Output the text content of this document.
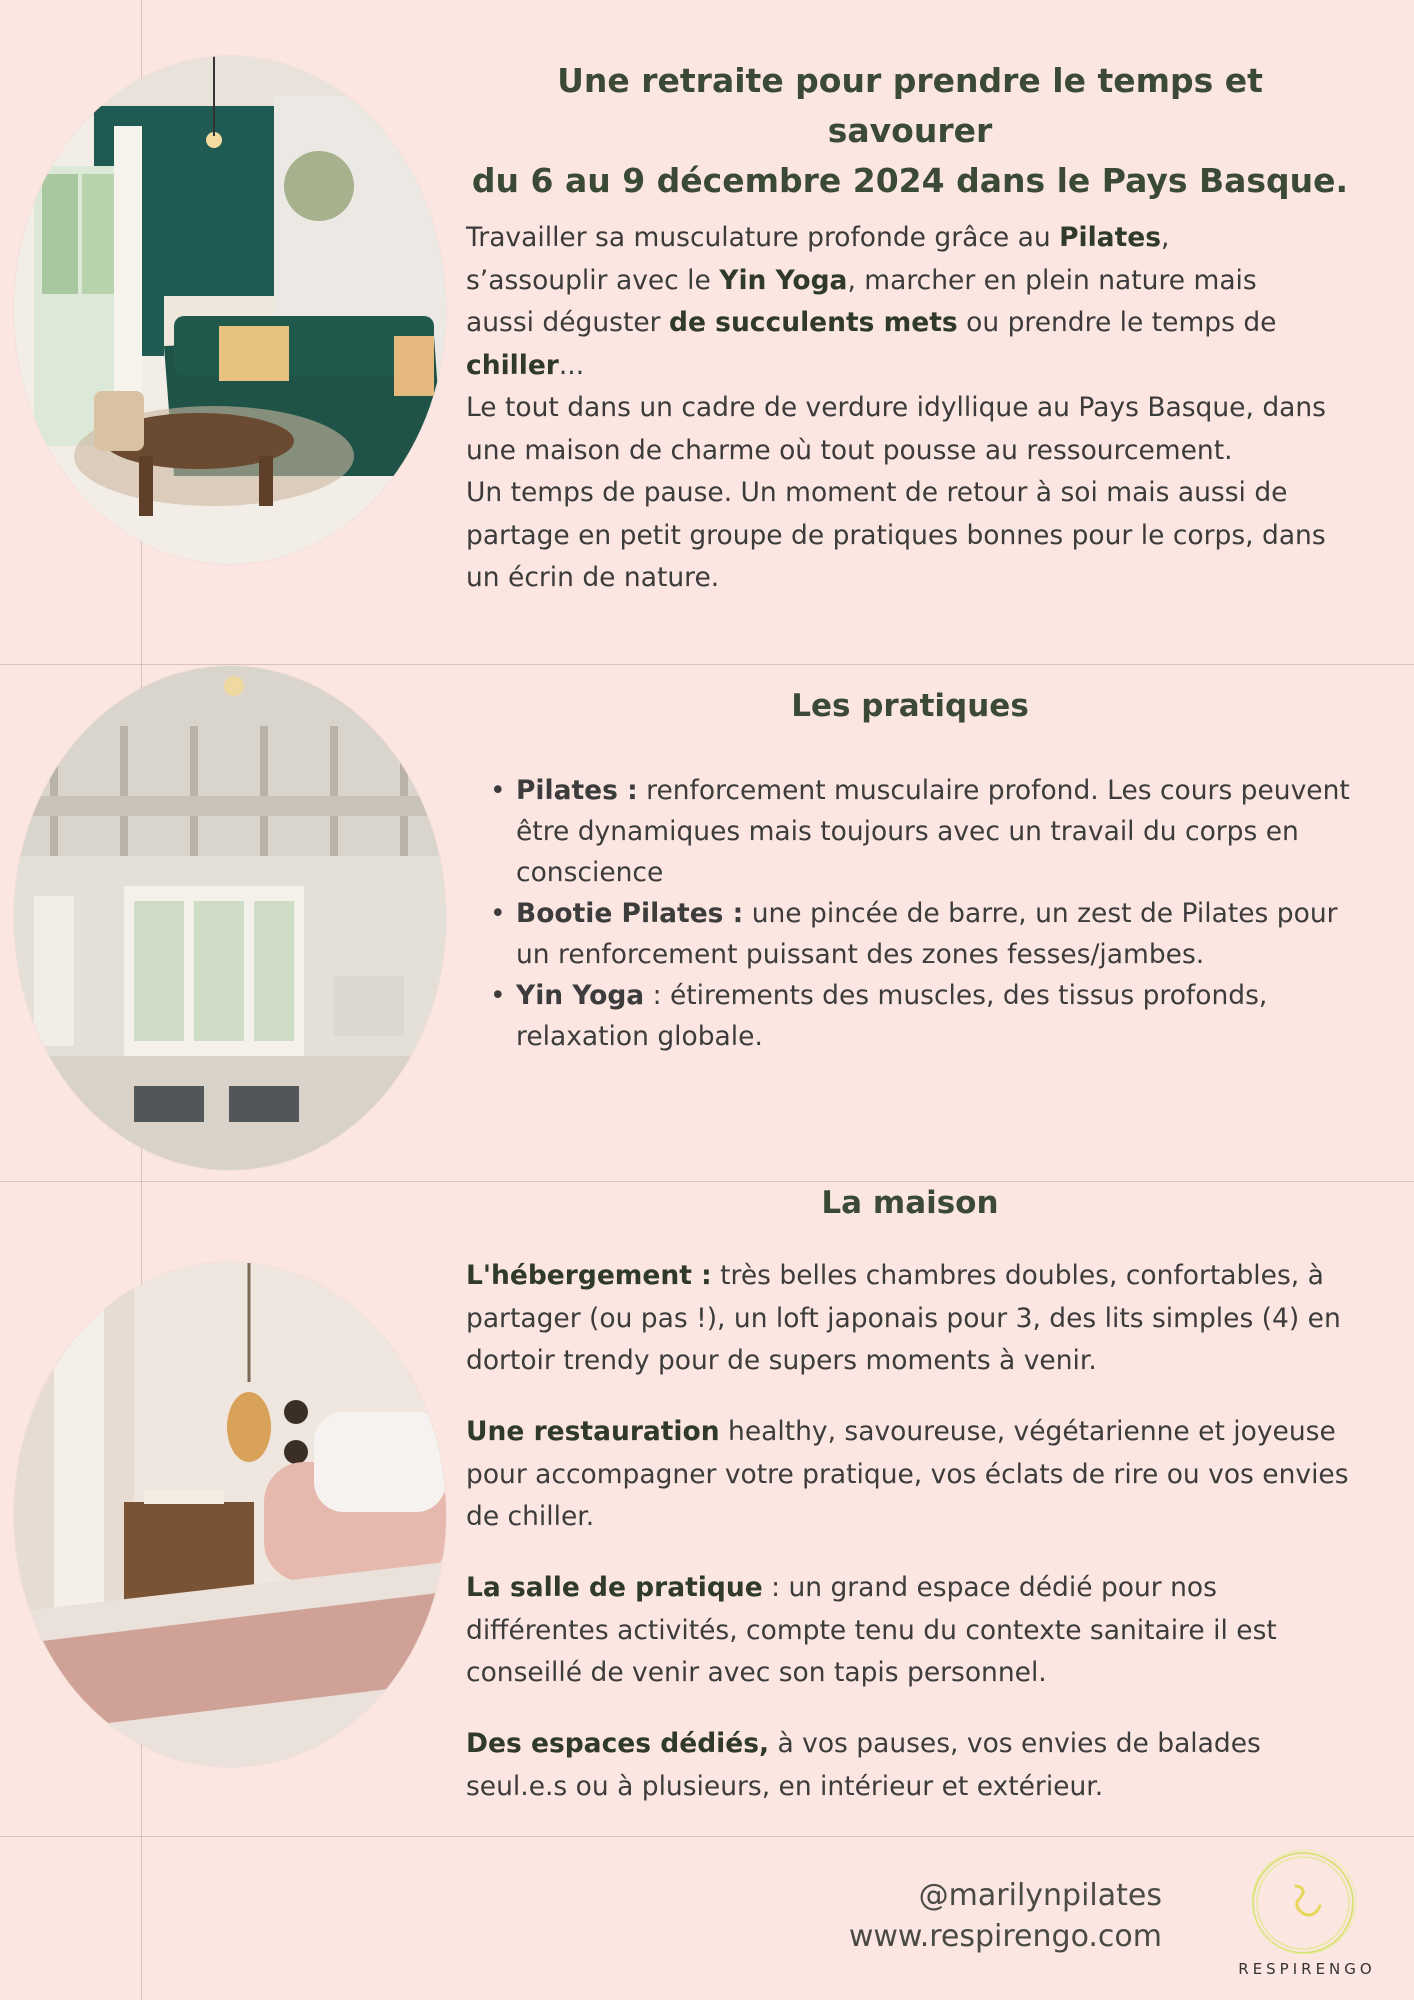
Une retraite pour prendre le temps et savourer
du 6 au 9 décembre 2024 dans le Pays Basque.

Travailler sa musculature profonde grâce au Pilates,
s’assouplir avec le Yin Yoga, marcher en plein nature mais
aussi déguster de succulents mets ou prendre le temps de
chiller...

Le tout dans un cadre de verdure idyllique au Pays Basque, dans une maison de charme où tout pousse au ressourcement.

Un temps de pause. Un moment de retour à soi mais aussi de partage en petit groupe de pratiques bonnes pour le corps, dans un écrin de nature.

Les pratiques
• Pilates : renforcement musculaire profond. Les cours peuvent être dynamiques mais toujours avec un travail du corps en conscience
• Bootie Pilates : une pincée de barre, un zest de Pilates pour un renforcement puissant des zones fesses/jambes.
• Yin Yoga : étirements des muscles, des tissus profonds, relaxation globale.
La maison
L'hébergement : très belles chambres doubles, confortables, à partager (ou pas !), un loft japonais pour 3, des lits simples (4) en dortoir trendy pour de supers moments à venir.
Une restauration healthy, savoureuse, végétarienne et joyeuse pour accompagner votre pratique, vos éclats de rire ou vos envies de chiller.
La salle de pratique : un grand espace dédié pour nos différentes activités, compte tenu du contexte sanitaire il est conseillé de venir avec son tapis personnel.
Des espaces dédiés, à vos pauses, vos envies de balades seul.e.s ou à plusieurs, en intérieur et extérieur.
@marilynpilates
www.respirengo.com
RESPIRENGO
